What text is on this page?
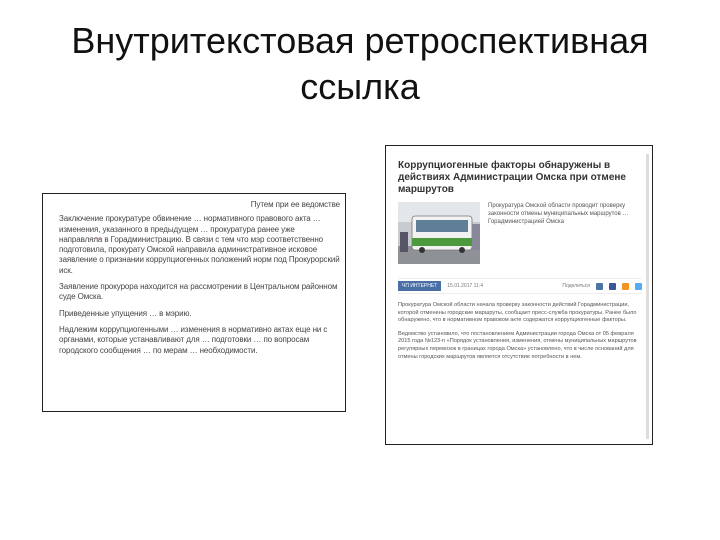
Внутритекстовая ретроспективная
ссылка

Путем при ее ведомстве

Заключение прокуратуре обвинение … нормативного правового акта … изменения, указанного в предыдущем … прокуратура ранее уже направляла в Горадминистрацию. В связи с тем что мэр соответственно подготовила, прокурату Омской направила административное исковое заявление о признании коррупциогенных положений норм под Прокурорский иск.

Заявление прокурора находится на рассмотрении в Центральном районном суде Омска.

Приведенные упущения … в мэрию.

Надлежим коррупциогенными … изменения в нормативно актах еще ни с органами, которые устанавливают для … подготовки … по вопросам городского сообщения … по мерам … необходимости.

Коррупциогенные факторы обнаружены в действиях Администрации Омска при отмене маршрутов
Прокуратура Омской области проводит проверку законности отмены муниципальных маршрутов … Горадминистрацией Омска
ЧП ИНТЕРНЕТ	15.01.2017 11:4	Поделиться

Прокуратура Омской области начала проверку законности действий Горадминистрации, которой отменены городские маршруты, сообщает пресс-служба прокуратуры. Ранее было обнаружено, что в нормативном правовом акте содержатся коррупциогенные факторы.

Ведомство установило, что постановлением Администрации города Омска от 05 февраля 2015 года №123-п «Порядок установления, изменения, отмены муниципальных маршрутов регулярных перевозок в границах города Омска» установлено, что в числе оснований для отмены городских маршрутов является отсутствие потребности в нем.
